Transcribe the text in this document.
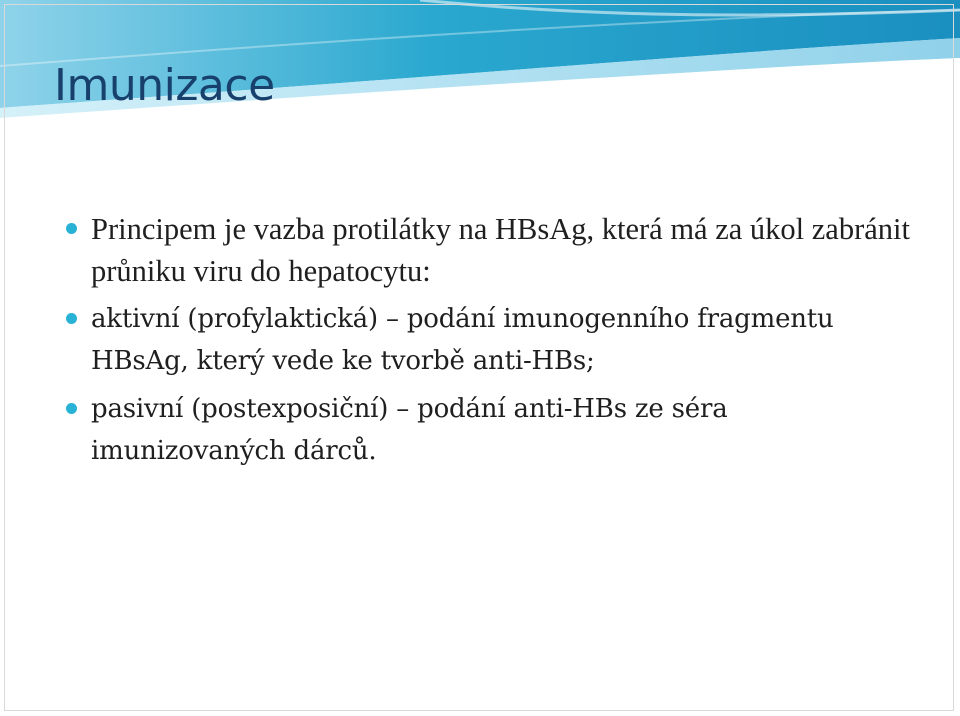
Imunizace
Principem je vazba protilátky na HBsAg, která má za úkol zabránit průniku viru do hepatocytu:
aktivní (profylaktická) – podání imunogenního fragmentu HBsAg, který vede ke tvorbě anti-HBs;
pasivní (postexposiční) – podání anti-HBs ze séra imunizovaných dárců.
